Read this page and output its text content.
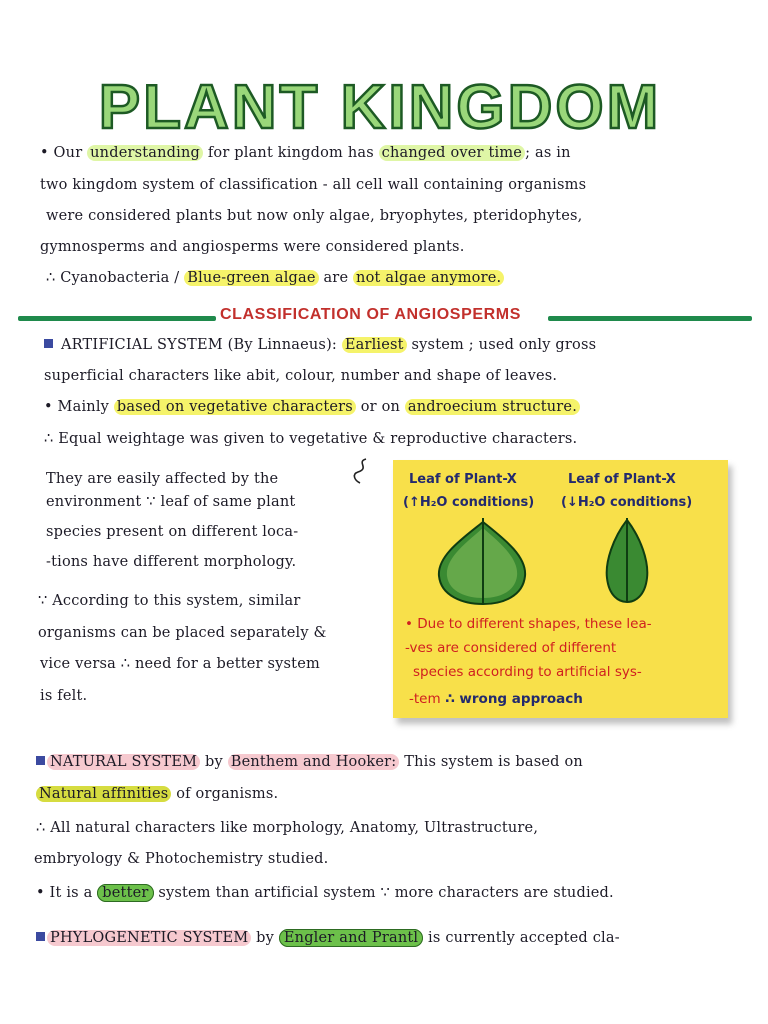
PLANT KINGDOM
• Our understanding for plant kingdom has changed over time ; as in
two kingdom system of classification - all cell wall containing organisms
were considered plants but now only algae, bryophytes, pteridophytes,
gymnosperms and angiosperms were considered plants.
∴ Cyanobacteria / Blue-green algae are not algae anymore.
CLASSIFICATION OF ANGIOSPERMS
ARTIFICIAL SYSTEM (By Linnaeus): Earliest system ; used only gross
superficial characters like abit, colour, number and shape of leaves.
• Mainly based on vegetative characters or on androecium structure.
∴ Equal weightage was given to vegetative & reproductive characters.
They are easily affected by the
environment ∵ leaf of same plant
species present on different loca-
-tions have different morphology.
∵ According to this system, similar
organisms can be placed separately &
vice versa ∴ need for a better system
is felt.
Leaf of Plant-X
(↑H₂O conditions)
Leaf of Plant-X
(↓H₂O conditions)
• Due to different shapes, these lea-
-ves are considered of different
species according to artificial sys-
-tem ∴ wrong approach
NATURAL SYSTEM by Benthem and Hooker: This system is based on
Natural affinities of organisms.
∴ All natural characters like morphology, Anatomy, Ultrastructure,
embryology & Photochemistry studied.
• It is a better system than artificial system ∵ more characters are studied.
PHYLOGENETIC SYSTEM by Engler and Prantl is currently accepted cla-
